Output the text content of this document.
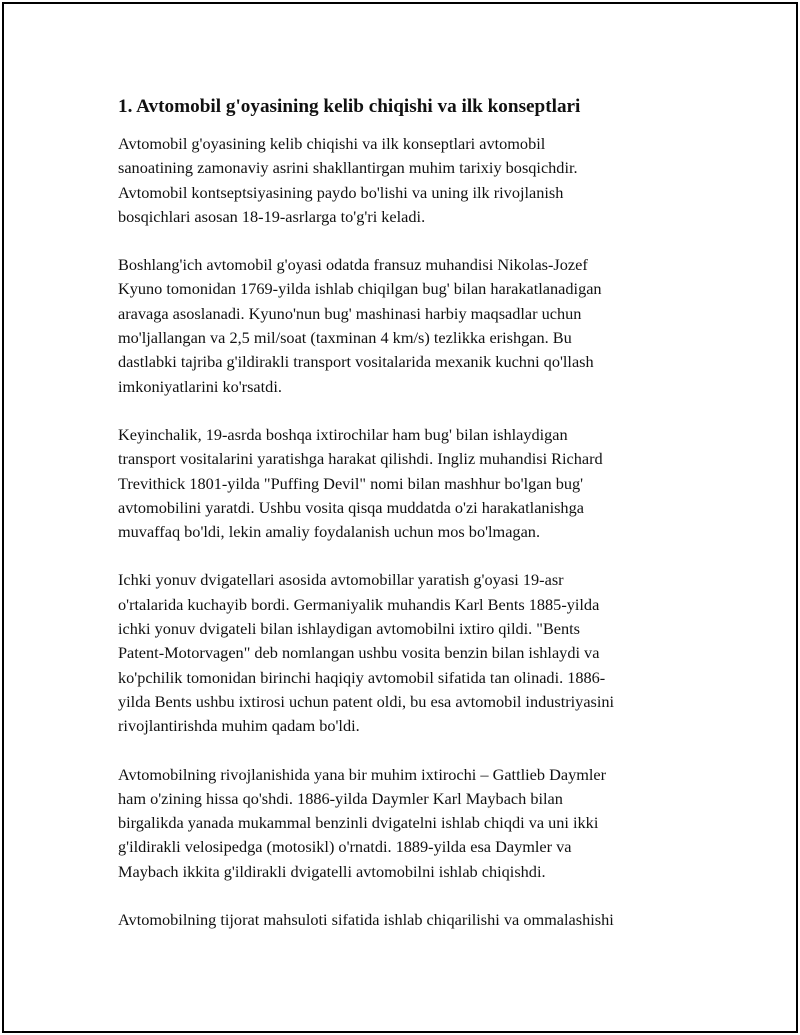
1. Avtomobil g'oyasining kelib chiqishi va ilk konseptlari

Avtomobil g'oyasining kelib chiqishi va ilk konseptlari avtomobil
sanoatining zamonaviy asrini shakllantirgan muhim tarixiy bosqichdir.
Avtomobil kontseptsiyasining paydo bo'lishi va uning ilk rivojlanish
bosqichlari asosan 18-19-asrlarga to'g'ri keladi.

Boshlang'ich avtomobil g'oyasi odatda fransuz muhandisi Nikolas-Jozef
Kyuno tomonidan 1769-yilda ishlab chiqilgan bug' bilan harakatlanadigan
aravaga asoslanadi. Kyuno'nun bug' mashinasi harbiy maqsadlar uchun
mo'ljallangan va 2,5 mil/soat (taxminan 4 km/s) tezlikka erishgan. Bu
dastlabki tajriba g'ildirakli transport vositalarida mexanik kuchni qo'llash
imkoniyatlarini ko'rsatdi.

Keyinchalik, 19-asrda boshqa ixtirochilar ham bug' bilan ishlaydigan
transport vositalarini yaratishga harakat qilishdi. Ingliz muhandisi Richard
Trevithick 1801-yilda "Puffing Devil" nomi bilan mashhur bo'lgan bug'
avtomobilini yaratdi. Ushbu vosita qisqa muddatda o'zi harakatlanishga
muvaffaq bo'ldi, lekin amaliy foydalanish uchun mos bo'lmagan.

Ichki yonuv dvigatellari asosida avtomobillar yaratish g'oyasi 19-asr
o'rtalarida kuchayib bordi. Germaniyalik muhandis Karl Bents 1885-yilda
ichki yonuv dvigateli bilan ishlaydigan avtomobilni ixtiro qildi. "Bents
Patent-Motorvagen" deb nomlangan ushbu vosita benzin bilan ishlaydi va
ko'pchilik tomonidan birinchi haqiqiy avtomobil sifatida tan olinadi. 1886-
yilda Bents ushbu ixtirosi uchun patent oldi, bu esa avtomobil industriyasini
rivojlantirishda muhim qadam bo'ldi.

Avtomobilning rivojlanishida yana bir muhim ixtirochi – Gattlieb Daymler
ham o'zining hissa qo'shdi. 1886-yilda Daymler Karl Maybach bilan
birgalikda yanada mukammal benzinli dvigatelni ishlab chiqdi va uni ikki
g'ildirakli velosipedga (motosikl) o'rnatdi. 1889-yilda esa Daymler va
Maybach ikkita g'ildirakli dvigatelli avtomobilni ishlab chiqishdi.

Avtomobilning tijorat mahsuloti sifatida ishlab chiqarilishi va ommalashishi
